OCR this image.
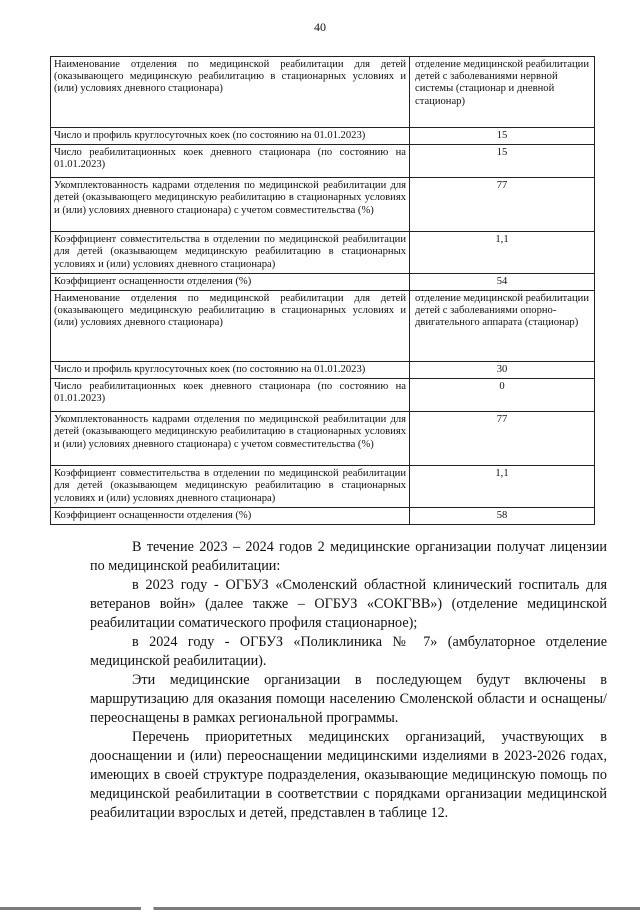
40
Наименование отделения по медицинской реабилитации для детей (оказывающего медицинскую реабилитацию в стационарных условиях и (или) условиях дневного стационара)	отделение медицинской реабилитации детей с заболеваниями нервной системы (стационар и дневной стационар)
Число и профиль круглосуточных коек (по состоянию на 01.01.2023)	15
Число реабилитационных коек дневного стационара (по состоянию на 01.01.2023)	15
Укомплектованность кадрами отделения по медицинской реабилитации для детей (оказывающего медицинскую реабилитацию в стационарных условиях и (или) условиях дневного стационара) с учетом совместительства (%)	77
Коэффициент совместительства в отделении по медицинской реабилитации для детей (оказывающем медицинскую реабилитацию в стационарных условиях и (или) условиях дневного стационара)	1,1
Коэффициент оснащенности отделения (%)	54
Наименование отделения по медицинской реабилитации для детей (оказывающего медицинскую реабилитацию в стационарных условиях и (или) условиях дневного стационара)	отделение медицинской реабилитации детей с заболеваниями опорно-двигательного аппарата (стационар)
Число и профиль круглосуточных коек (по состоянию на 01.01.2023)	30
Число реабилитационных коек дневного стационара (по состоянию на 01.01.2023)	0
Укомплектованность кадрами отделения по медицинской реабилитации для детей (оказывающего медицинскую реабилитацию в стационарных условиях и (или) условиях дневного стационара) с учетом совместительства (%)	77
Коэффициент совместительства в отделении по медицинской реабилитации для детей (оказывающем медицинскую реабилитацию в стационарных условиях и (или) условиях дневного стационара)	1,1
Коэффициент оснащенности отделения (%)	58

В течение 2023 – 2024 годов 2 медицинские организации получат лицензии по медицинской реабилитации:

в 2023 году - ОГБУЗ «Смоленский областной клинический госпиталь для ветеранов войн» (далее также – ОГБУЗ «СОКГВВ») (отделение медицинской реабилитации соматического профиля стационарное);

в 2024 году - ОГБУЗ «Поликлиника № 7» (амбулаторное отделение медицинской реабилитации).

Эти медицинские организации в последующем будут включены в маршрутизацию для оказания помощи населению Смоленской области и оснащены/переоснащены в рамках региональной программы.

Перечень приоритетных медицинских организаций, участвующих в дооснащении и (или) переоснащении медицинскими изделиями в 2023-2026 годах, имеющих в своей структуре подразделения, оказывающие медицинскую помощь по медицинской реабилитации в соответствии с порядками организации медицинской реабилитации взрослых и детей, представлен в таблице 12.
